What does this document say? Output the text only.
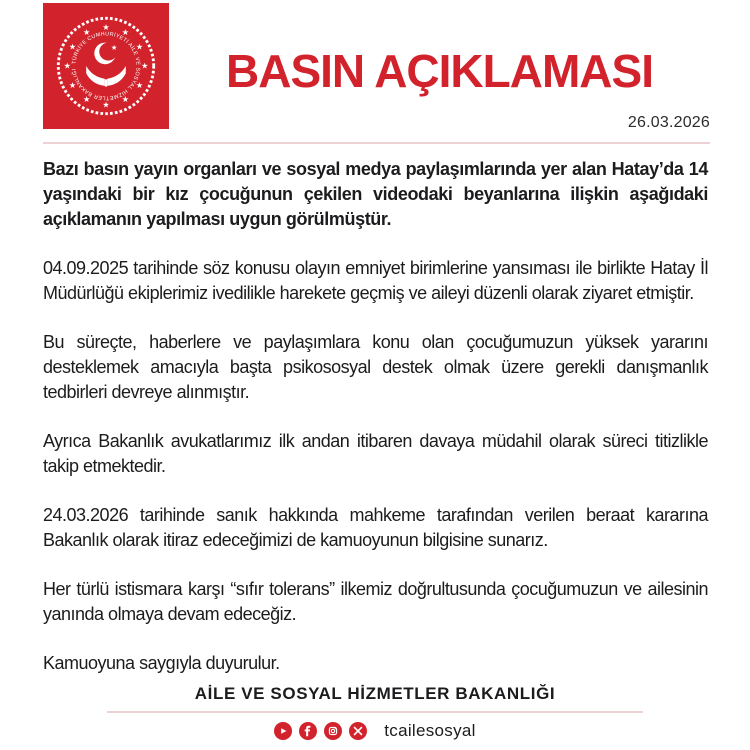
★
★
★
★
★
★
★
★
★
★
★
★
TÜRKİYE CUMHURİYETİ AİLE VE SOSYAL HİZMETLER BAKANLIĞI
★	BASIN AÇIKLAMASI
26.03.2026

Bazı basın yayın organları ve sosyal medya paylaşımlarında yer alan Hatay’da 14 yaşındaki bir kız çocuğunun çekilen videodaki beyanlarına ilişkin aşağıdaki açıklamanın yapılması uygun görülmüştür.

04.09.2025 tarihinde söz konusu olayın emniyet birimlerine yansıması ile birlikte Hatay İl Müdürlüğü ekiplerimiz ivedilikle harekete geçmiş ve aileyi düzenli olarak ziyaret etmiştir.

Bu süreçte, haberlere ve paylaşımlara konu olan çocuğumuzun yüksek yararını desteklemek amacıyla başta psikososyal destek olmak üzere gerekli danışmanlık tedbirleri devreye alınmıştır.

Ayrıca Bakanlık avukatlarımız ilk andan itibaren davaya müdahil olarak süreci titizlikle takip etmektedir.

24.03.2026 tarihinde sanık hakkında mahkeme tarafından verilen beraat kararına Bakanlık olarak itiraz edeceğimizi de kamuoyunun bilgisine sunarız.

Her türlü istismara karşı “sıfır tolerans” ilkemiz doğrultusunda çocuğumuzun ve ailesinin yanında olmaya devam edeceğiz.

Kamuoyuna saygıyla duyurulur.

AİLE VE SOSYAL HİZMETLER BAKANLIĞI
tcailesosyal
